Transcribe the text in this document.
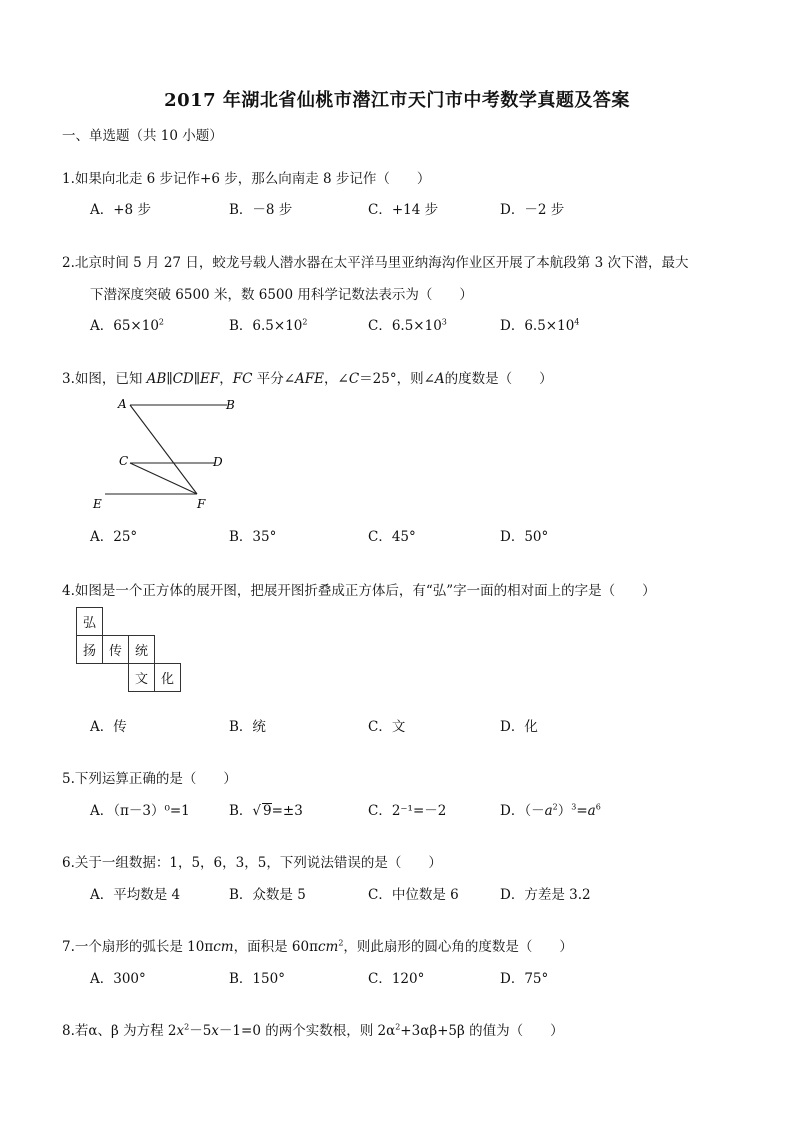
2017 年湖北省仙桃市潜江市天门市中考数学真题及答案
一、单选题（共 10 小题）
1.如果向北走 6 步记作+6 步，那么向南走 8 步记作（　　）
A．+8 步	B．－8 步	C．+14 步	D．－2 步
2.北京时间 5 月 27 日，蛟龙号载人潜水器在太平洋马里亚纳海沟作业区开展了本航段第 3 次下潜，最大
下潜深度突破 6500 米，数 6500 用科学记数法表示为（　　）
A．$65\times 10^2$	B．$6.5\times 10^2$	C．$6.5\times 10^3$	D．$6.5\times 10^4$
3.如图，已知 AB∥CD∥EF，FC 平分∠AFE，∠C＝25°，则∠A的度数是（　　）
A	B
C	D
E	F
A．25°	B．35°	C．45°	D．50°
4.如图是一个正方体的展开图，把展开图折叠成正方体后，有“弘”字一面的相对面上的字是（　　）
弘
扬 传 统
文 化
A．传	B．统	C．文	D．化
5.下列运算正确的是（　　）
A．（π－3）⁰=1	B．√ 9=±3	C．2⁻¹=－2	D．$(-a^2)^3=a^6$
6.关于一组数据：1，5，6，3，5，下列说法错误的是（　　）
A．平均数是 4	B．众数是 5	C．中位数是 6	D．方差是 3.2
7.一个扇形的弧长是 10πcm，面积是 60πcm$^2$，则此扇形的圆心角的度数是（　　）
A．300°	B．150°	C．120°	D．75°
8.若α、β 为方程 $2x^2-5x-1=0$ 的两个实数根，则 $2\alpha^2+3\alpha\beta+5\beta$ 的值为（　　）
